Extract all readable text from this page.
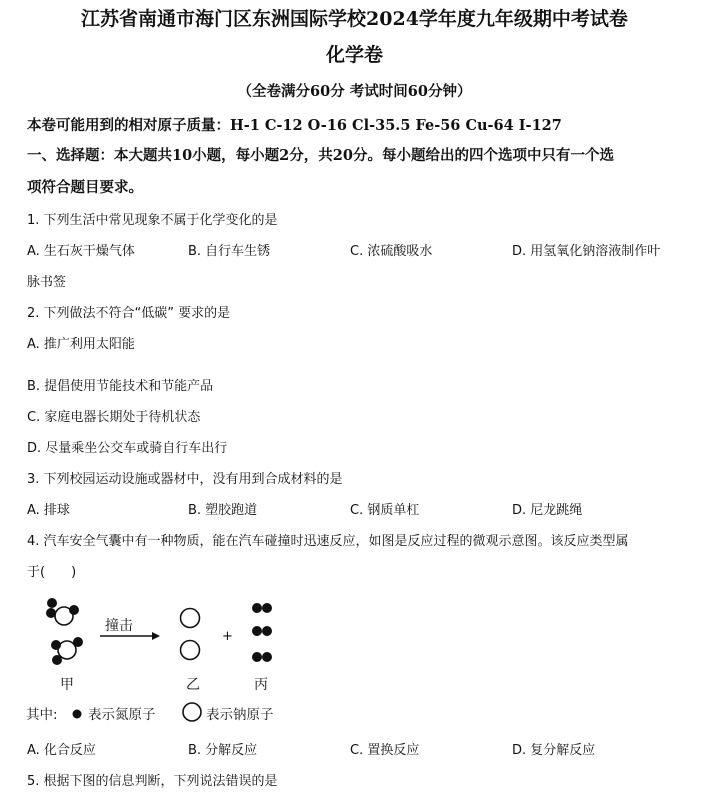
江苏省南通市海门区东洲国际学校2024学年度九年级期中考试卷
化学卷
（全卷满分60分 考试时间60分钟）
本卷可能用到的相对原子质量：H-1 C-12 O-16 Cl-35.5 Fe-56 Cu-64 I-127
一、选择题：本大题共10小题，每小题2分，共20分。每小题给出的四个选项中只有一个选
项符合题目要求。
1. 下列生活中常见现象不属于化学变化的是
A. 生石灰干燥气体	B. 自行车生锈	C. 浓硫酸吸水	D. 用氢氧化钠溶液制作叶
脉书签
2. 下列做法不符合“低碳” 要求的是
A. 推广利用太阳能
B. 提倡使用节能技术和节能产品
C. 家庭电器长期处于待机状态
D. 尽量乘坐公交车或骑自行车出行
3. 下列校园运动设施或器材中，没有用到合成材料的是
A. 排球	B. 塑胶跑道	C. 钢质单杠	D. 尼龙跳绳
4. 汽车安全气囊中有一种物质，能在汽车碰撞时迅速反应，如图是反应过程的微观示意图。该反应类型属
于(　　)
撞击
+
甲	乙	丙
其中: 表示氮原子	表示钠原子
A. 化合反应	B. 分解反应	C. 置换反应	D. 复分解反应
5. 根据下图的信息判断，下列说法错误的是
